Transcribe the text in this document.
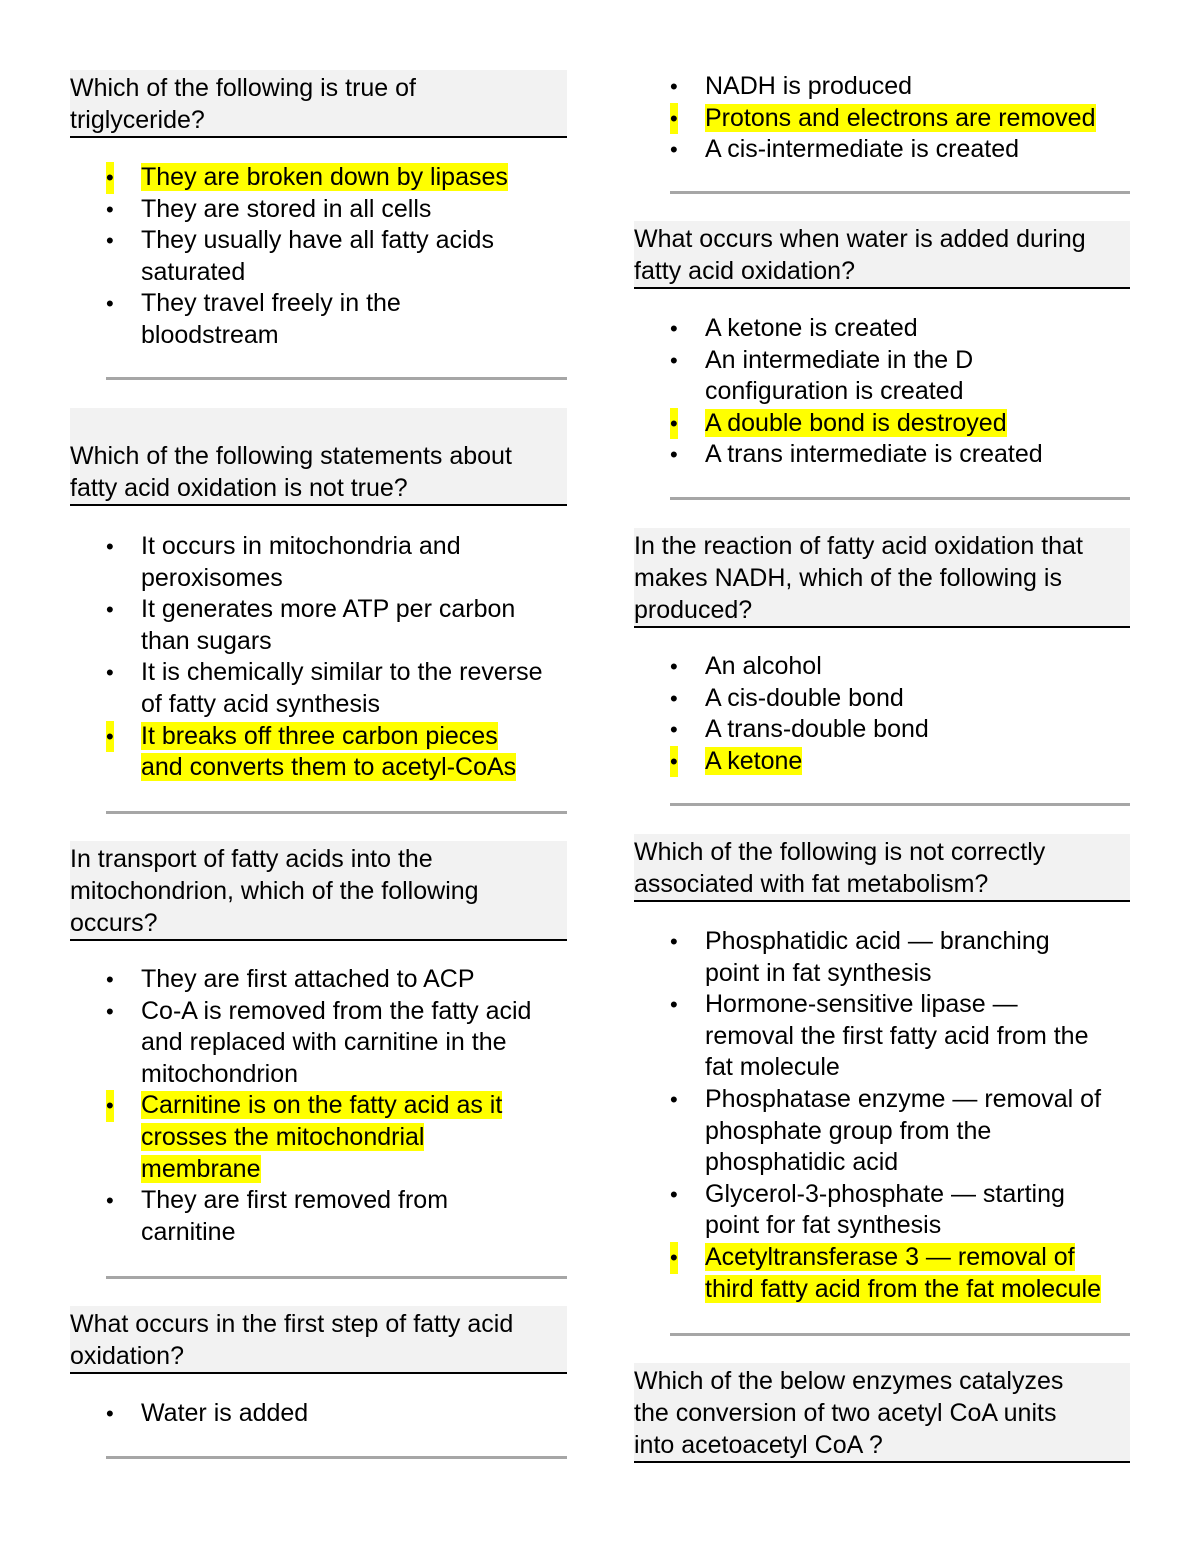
Which of the following is true of
triglyceride?
• They are broken down by lipases

• They are stored in all cells

• They usually have all fatty acids
saturated

• They travel freely in the
bloodstream

Which of the following statements about
fatty acid oxidation is not true?
• It occurs in mitochondria and
peroxisomes

• It generates more ATP per carbon
than sugars

• It is chemically similar to the reverse
of fatty acid synthesis

• It breaks off three carbon pieces
and converts them to acetyl-CoAs

In transport of fatty acids into the
mitochondrion, which of the following
occurs?
• They are first attached to ACP

• Co-A is removed from the fatty acid
and replaced with carnitine in the
mitochondrion

• Carnitine is on the fatty acid as it
crosses the mitochondrial
membrane

• They are first removed from
carnitine

What occurs in the first step of fatty acid
oxidation?
• Water is added

• NADH is produced

• Protons and electrons are removed

• A cis-intermediate is created

What occurs when water is added during
fatty acid oxidation?
• A ketone is created

• An intermediate in the D
configuration is created

• A double bond is destroyed

• A trans intermediate is created

In the reaction of fatty acid oxidation that
makes NADH, which of the following is
produced?
• An alcohol

• A cis-double bond

• A trans-double bond

• A ketone

Which of the following is not correctly
associated with fat metabolism?
• Phosphatidic acid — branching
point in fat synthesis

• Hormone-sensitive lipase —
removal the first fatty acid from the
fat molecule

• Phosphatase enzyme — removal of
phosphate group from the
phosphatidic acid

• Glycerol-3-phosphate — starting
point for fat synthesis

• Acetyltransferase 3 — removal of
third fatty acid from the fat molecule

Which of the below enzymes catalyzes
the conversion of two acetyl CoA units
into acetoacetyl CoA ?
